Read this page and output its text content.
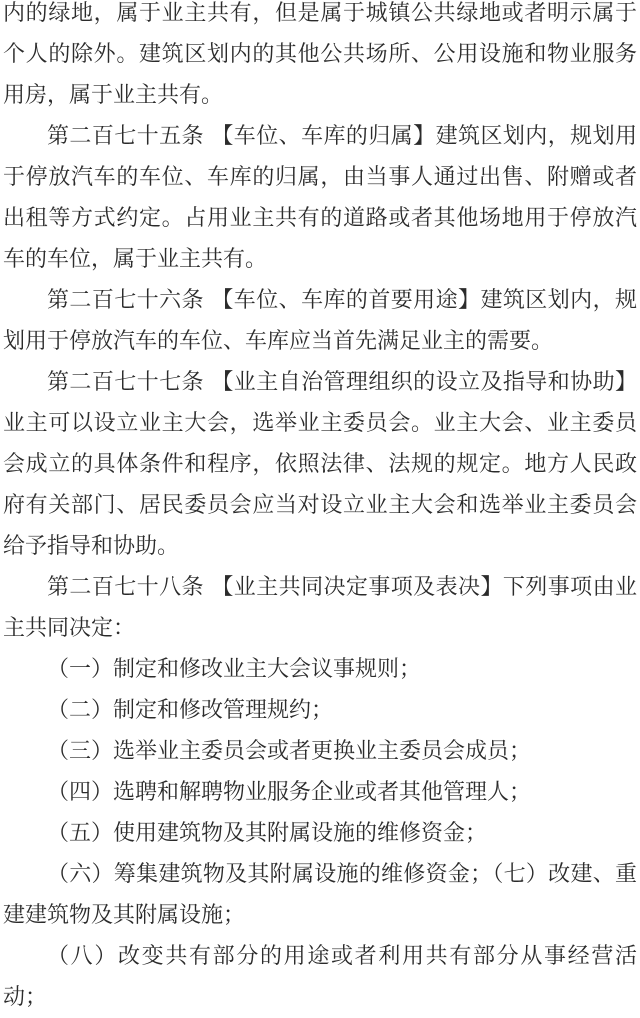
内的绿地，属于业主共有，但是属于城镇公共绿地或者明示属于个人的除外。建筑区划内的其他公共场所、公用设施和物业服务用房，属于业主共有。

第二百七十五条 【车位、车库的归属】建筑区划内，规划用于停放汽车的车位、车库的归属，由当事人通过出售、附赠或者出租等方式约定。占用业主共有的道路或者其他场地用于停放汽车的车位，属于业主共有。

第二百七十六条 【车位、车库的首要用途】建筑区划内，规划用于停放汽车的车位、车库应当首先满足业主的需要。

第二百七十七条 【业主自治管理组织的设立及指导和协助】业主可以设立业主大会，选举业主委员会。业主大会、业主委员会成立的具体条件和程序，依照法律、法规的规定。地方人民政府有关部门、居民委员会应当对设立业主大会和选举业主委员会给予指导和协助。

第二百七十八条 【业主共同决定事项及表决】下列事项由业主共同决定：

（一）制定和修改业主大会议事规则；

（二）制定和修改管理规约；

（三）选举业主委员会或者更换业主委员会成员；

（四）选聘和解聘物业服务企业或者其他管理人；

（五）使用建筑物及其附属设施的维修资金；

（六）筹集建筑物及其附属设施的维修资金；（七）改建、重建建筑物及其附属设施；

（八）改变共有部分的用途或者利用共有部分从事经营活动；
